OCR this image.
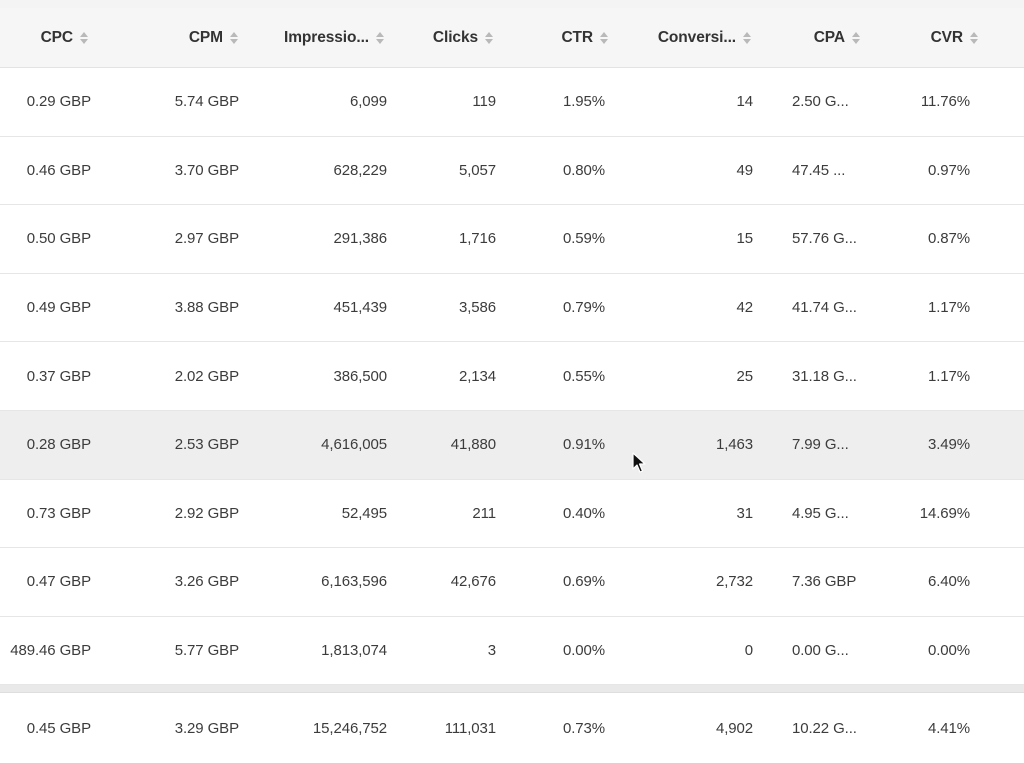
CPC	CPM	Impressio...	Clicks	CTR	Conversi...	CPA	CVR
0.29 GBP	5.74 GBP	6,099	119	1.95%	14	2.50 G...	11.76%
0.46 GBP	3.70 GBP	628,229	5,057	0.80%	49	47.45 ...	0.97%
0.50 GBP	2.97 GBP	291,386	1,716	0.59%	15	57.76 G...	0.87%
0.49 GBP	3.88 GBP	451,439	3,586	0.79%	42	41.74 G...	1.17%
0.37 GBP	2.02 GBP	386,500	2,134	0.55%	25	31.18 G...	1.17%
0.28 GBP	2.53 GBP	4,616,005	41,880	0.91%	1,463	7.99 G...	3.49%
0.73 GBP	2.92 GBP	52,495	211	0.40%	31	4.95 G...	14.69%
0.47 GBP	3.26 GBP	6,163,596	42,676	0.69%	2,732	7.36 GBP	6.40%
489.46 GBP	5.77 GBP	1,813,074	3	0.00%	0	0.00 G...	0.00%
0.45 GBP	3.29 GBP	15,246,752	111,031	0.73%	4,902	10.22 G...	4.41%
